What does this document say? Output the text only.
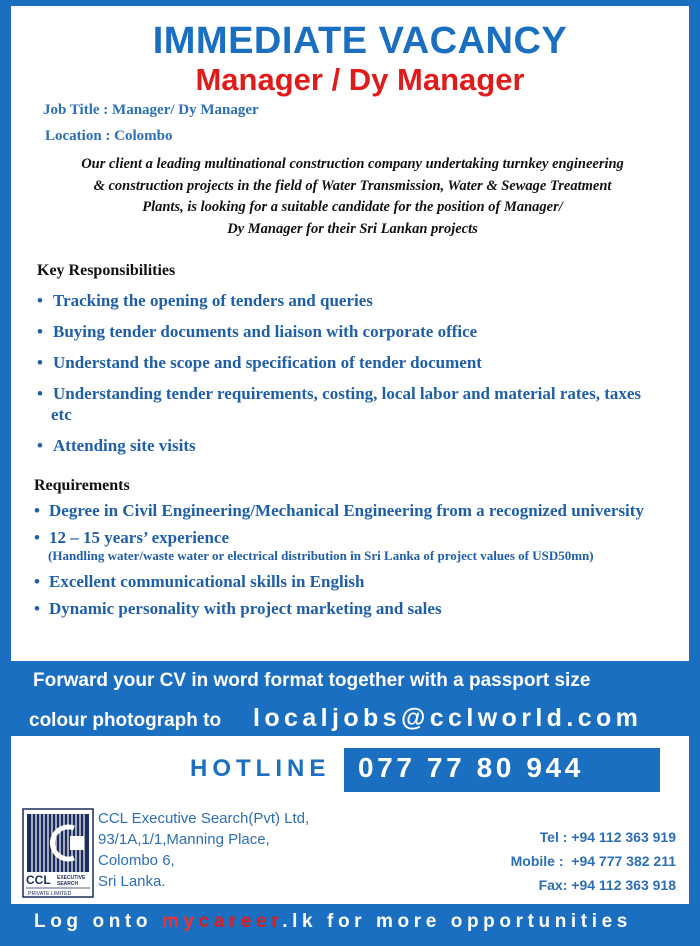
IMMEDIATE VACANCY
Manager / Dy Manager
Job Title : Manager/ Dy Manager
Location : Colombo
Our client a leading multinational construction company undertaking turnkey engineering
& construction projects in the field of Water Transmission, Water & Sewage Treatment
Plants, is looking for a suitable candidate for the position of Manager/
Dy Manager for their Sri Lankan projects
Key Responsibilities
• Tracking the opening of tenders and queries
• Buying tender documents and liaison with corporate office
• Understand the scope and specification of tender document
• Understanding tender requirements, costing, local labor and material rates, taxes etc
• Attending site visits
Requirements
• Degree in Civil Engineering/Mechanical Engineering from a recognized university
• 12 – 15 years’ experience
(Handling water/waste water or electrical distribution in Sri Lanka of project values of USD50mn)
• Excellent communicational skills in English
• Dynamic personality with project marketing and sales
Forward your CV in word format together with a passport size
colour photograph to localjobs@cclworld.com
HOTLINE 077 77 80 944
CCL EXECUTIVE
SEARCH
PRIVATE LIMITED
CCL Executive Search(Pvt) Ltd,
93/1A,1/1,Manning Place,
Colombo 6,
Sri Lanka.
Tel : +94 112 363 919
Mobile :  +94 777 382 211
Fax: +94 112 363 918
Log onto mycareer.lk for more opportunities
